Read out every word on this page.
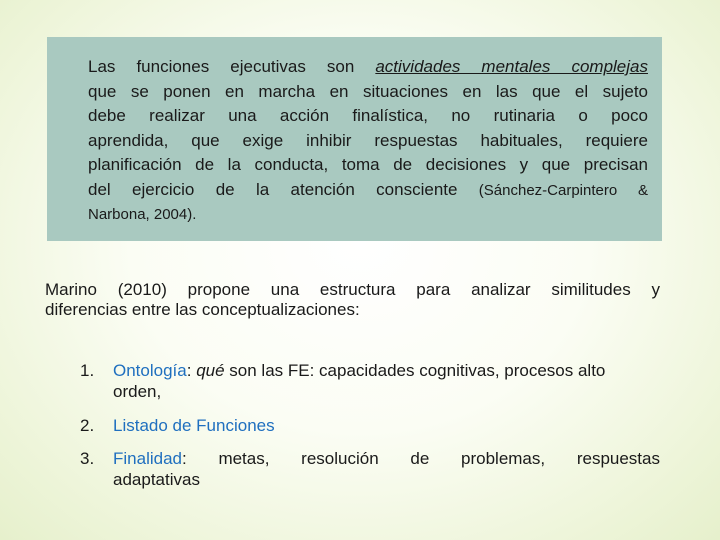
Las funciones ejecutivas son actividades mentales complejas
que se ponen en marcha en situaciones en las que el sujeto
debe realizar una acción finalística, no rutinaria o poco
aprendida, que exige inhibir respuestas habituales, requiere
planificación de la conducta, toma de decisiones y que precisan
del ejercicio de la atención consciente (Sánchez-Carpintero &
Narbona, 2004).

Marino (2010) propone una estructura para analizar similitudes y
diferencias entre las conceptualizaciones:
1. Ontología: qué son las FE: capacidades cognitivas, procesos alto
orden,
2. Listado de Funciones
3. Finalidad: metas, resolución de problemas, respuestas
adaptativas
